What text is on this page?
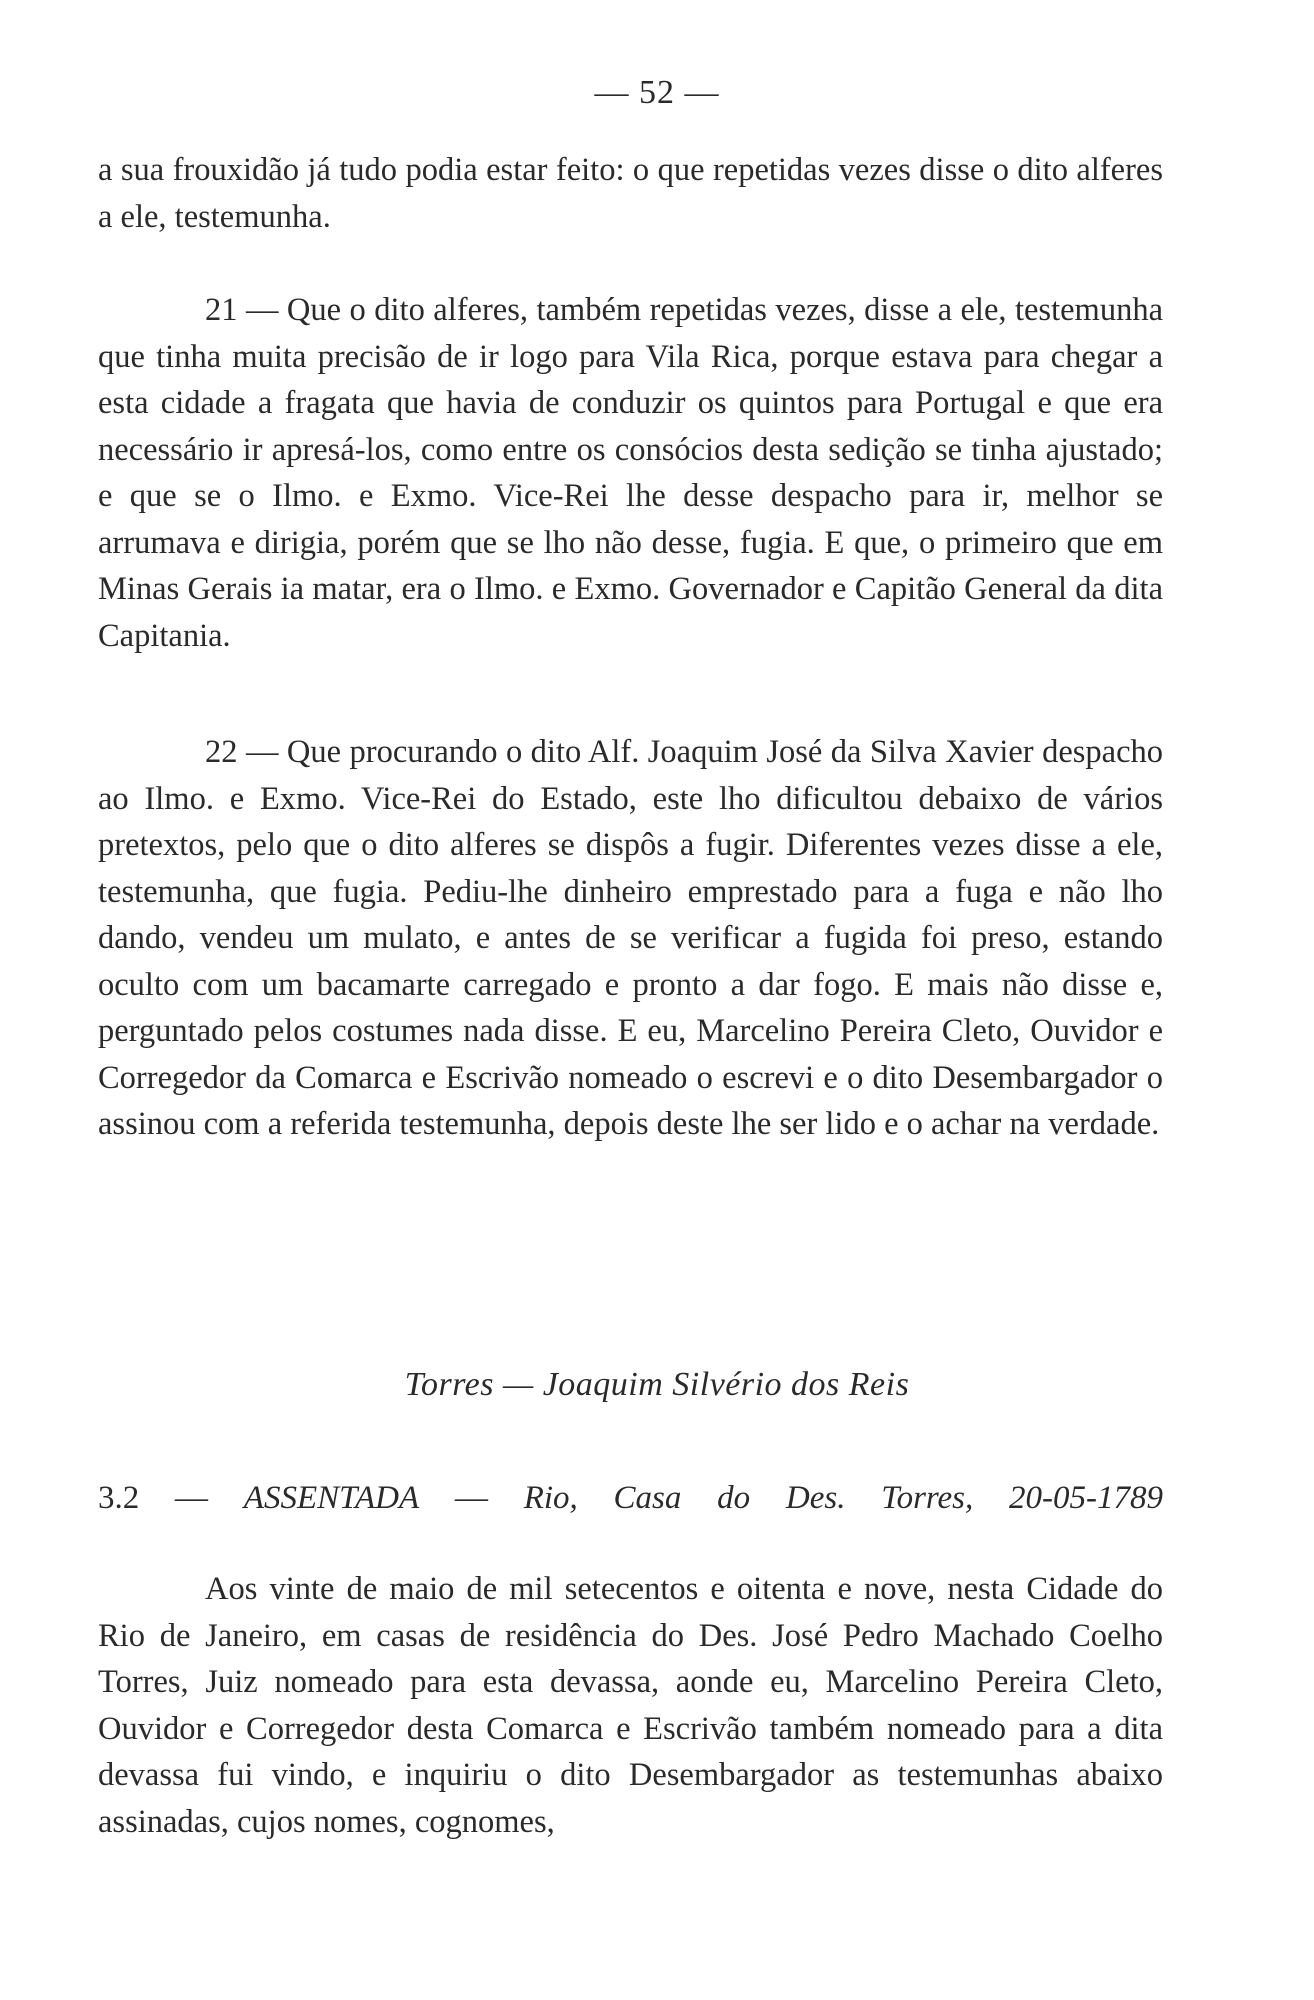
— 52 —

a sua frouxidão já tudo podia estar feito: o que repetidas vezes disse o dito alferes a ele, testemunha.

21 — Que o dito alferes, também repetidas vezes, disse a ele, testemunha que tinha muita precisão de ir logo para Vila Rica, porque estava para chegar a esta cidade a fragata que havia de conduzir os quintos para Portugal e que era necessário ir apresá-los, como entre os consócios desta sedição se tinha ajustado; e que se o Ilmo. e Exmo. Vice-Rei lhe desse despacho para ir, melhor se arrumava e dirigia, porém que se lho não desse, fugia. E que, o primeiro que em Minas Gerais ia matar, era o Ilmo. e Exmo. Governador e Capitão General da dita Capitania.

22 — Que procurando o dito Alf. Joaquim José da Silva Xavier despacho ao Ilmo. e Exmo. Vice-Rei do Estado, este lho dificultou debaixo de vários pretextos, pelo que o dito alferes se dispôs a fugir. Diferentes vezes disse a ele, testemunha, que fugia. Pediu-lhe dinheiro emprestado para a fuga e não lho dando, vendeu um mulato, e antes de se verificar a fugida foi preso, estando oculto com um bacamarte carregado e pronto a dar fogo. E mais não disse e, perguntado pelos costumes nada disse. E eu, Marcelino Pereira Cleto, Ouvidor e Corregedor da Comarca e Escrivão nomeado o escrevi e o dito Desembargador o assinou com a referida testemunha, depois deste lhe ser lido e o achar na verdade.

Torres — Joaquim Silvério dos Reis
3.2 — ASSENTADA — Rio, Casa do Des. Torres, 20-05-1789

Aos vinte de maio de mil setecentos e oitenta e nove, nesta Cidade do Rio de Janeiro, em casas de residência do Des. José Pedro Machado Coelho Torres, Juiz nomeado para esta devassa, aonde eu, Marcelino Pereira Cleto, Ouvidor e Corregedor desta Comarca e Escrivão também nomeado para a dita devassa fui vindo, e inquiriu o dito Desembargador as testemunhas abaixo assinadas, cujos nomes, cognomes,
